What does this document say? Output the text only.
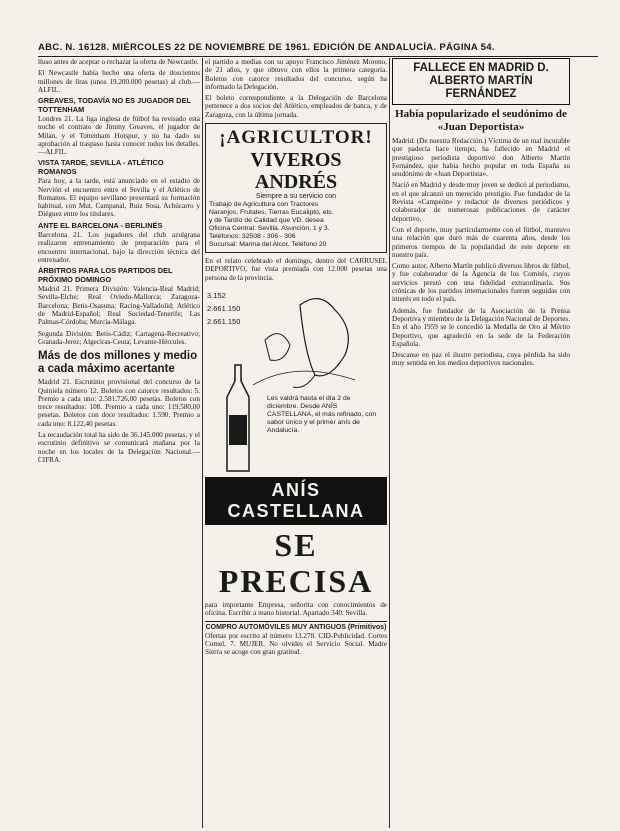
ABC. N. 16128. MIÉRCOLES 22 DE NOVIEMBRE DE 1961. EDICIÓN DE ANDALUCÍA. PÁGINA 54.

lluso antes de aceptar o rechazar la oferta de Newcastle.

El Newcastle había hecho una oferta de doscientos millones de liras (unos 19.200.000 pesetas) al club.—ALFIL.

GREAVES, TODAVÍA NO ES JUGADOR DEL TOTTENHAM

Londres 21. La liga inglesa de fútbol ha revisado esta noche el contrato de Jimmy Greaves, el jugador de Milan, y el Tottenham Hotspur, y no ha dado su aprobación al traspaso hasta conocer todos los detalles.—ALFIL.

VISTA TARDE, SEVILLA - ATLÉTICO ROMANOS

Para hoy, a la tarde, está anunciado en el estadio de Nervión el encuentro entre el Sevilla y el Atlético de Romanos. El equipo sevillano presentará su formación habitual, con Mut, Campanal, Ruiz Sosa, Achúcarro y Diéguez entre los titulares.

ANTE EL BARCELONA - BERLINÉS

Barcelona 21. Los jugadores del club azulgrana realizaron entrenamiento de preparación para el encuentro internacional, bajo la dirección técnica del entrenador.

ÁRBITROS PARA LOS PARTIDOS DEL PRÓXIMO DOMINGO

Madrid 21. Primera División: Valencia-Real Madrid; Sevilla-Elche; Real Oviedo-Mallorca; Zaragoza-Barcelona; Betis-Osasuna; Racing-Valladolid; Atlético de Madrid-Español; Real Sociedad-Tenerife; Las Palmas-Córdoba; Murcia-Málaga.

Segunda División: Betis-Cádiz; Cartagena-Recreativo; Granada-Jerez; Algeciras-Ceuta; Levante-Hércules.

Más de dos millones y medio a cada máximo acertante

Madrid 21. Escrutinio provisional del concurso de la Quiniela número 12. Boletos con catorce resultados: 5. Premio a cada uno: 2.581.726,00 pesetas. Boletos con trece resultados: 108. Premio a cada uno: 119.580,00 pesetas. Boletos con doce resultados: 1.590. Premio a cada uno: 8.122,40 pesetas.

La recaudación total ha sido de 36.145.000 pesetas, y el escrutinio definitivo se comunicará mañana por la noche en los locales de la Delegación Nacional.—CIFRA.

el partido a medias con su apoyo Francisco Jiménez Moreno, de 21 años, y que obtuvo con ellos la primera categoría. Boletos con catorce resultados del concurso, según ha informado la Delegación.

El boleto correspondiente a la Delegación de Barcelona pertenece a dos socios del Atlético, empleados de banca, y de Zaragoza, con la última jornada.

¡AGRICULTOR!
VIVEROS ANDRÉS
Siempre a su servicio con
Trabajo de Agricultura con Tractores
Naranjos, Frutales, Tierras Eucalipto, etc.
y de Tardío de Calidad que VD. desea
Oficina Central: Sevilla. Asunción, 1 y 3.
Teléfonos: 32508 - 306 - 306
Sucursal: Marina del Alcor. Teléfono 20

En el relato celebrado el domingo, dentro del CARRUSEL DEPORTIVO, fue vista premiada con 12.000 pesetas una persona de la provincia.

3.152
2.661.150
2.661.150
Les valdrá hasta el día 2 de diciembre. Desde ANÍS CASTELLANA, el más refinado, con sabor único y el primer anís de Andalucía.
ANÍS CASTELLANA
SE PRECISA

para importante Empresa, señorita con conocimientos de oficina. Escribir a mano historial. Apartado 340. Sevilla.

COMPRO AUTOMÓVILES MUY ANTIGUOS (Primitivos)

Ofertas por escrito al número 13.278. CID-Publicidad. Cortes Comel, 7. MUJER. No olvides el Servicio Social. Madre Sierra se acoge con gran gratitud.

FALLECE EN MADRID D. ALBERTO MARTÍN FERNÁNDEZ
Había popularizado el seudónimo de «Juan Deportista»

Madrid. (De nuestra Redacción.) Víctima de un mal incurable que padecía hace tiempo, ha fallecido en Madrid el prestigioso periodista deportivo don Alberto Martín Fernández, que había hecho popular en toda España su seudónimo de «Juan Deportista».

Nació en Madrid y desde muy joven se dedicó al periodismo, en el que alcanzó un merecido prestigio. Fue fundador de la Revista «Campeón» y redactor de diversos periódicos y colaborador de numerosas publicaciones de carácter deportivo.

Con el deporte, muy particularmente con el fútbol, mantuvo una relación que duró más de cuarenta años, desde los primeros tiempos de la popularidad de este deporte en nuestro país.

Como autor, Alberto Martín publicó diversos libros de fútbol, y fue colaborador de la Agencia de los Comités, cuyos servicios prestó con una fidelidad extraordinaria. Sus crónicas de los partidos internacionales fueron seguidas con interés en todo el país.

Además, fue fundador de la Asociación de la Prensa Deportiva y miembro de la Delegación Nacional de Deportes. En el año 1959 se le concedió la Medalla de Oro al Mérito Deportivo, que agradeció en la sede de la Federación Española.

Descanse en paz el ilustre periodista, cuya pérdida ha sido muy sentida en los medios deportivos nacionales.
